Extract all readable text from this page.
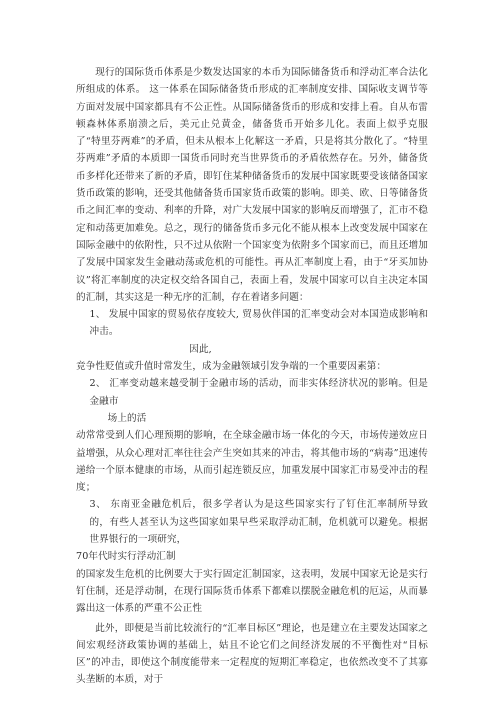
现行的国际货币体系是少数发达国家的本币为国际储备货币和浮动汇率合法化所组成的体系。 这一体系在国际储备货币形成的汇率制度安排、国际收支调节等方面对发展中国家都具有不公正性。从国际储备货币的形成和安排上看。自从布雷顿森林体系崩溃之后，美元止兑黄金，储备货币开始多儿化。表面上似乎克服了“特里芬两难”的矛盾，但未从根本上化解这一矛盾，只是将其分散化了。“特里芬两难”矛盾的本质即一国货币同时充当世界货币的矛盾依然存在。另外，储备货币多样化还带来了新的矛盾，即钉住某种储备货币的发展中国家既要受该储备国家货币政策的影响，还受其他储备货币国家货币政策的影响。即美、欧、日等储备货币之间汇率的变动、利率的升降，对广大发展中国家的影响反而增强了，汇市不稳定和动荡更加难免。总之，现行的储备货币多元化不能从根本上改变发展中国家在国际金融中的依附性，只不过从依附一个国家变为依附多个国家而已，而且还增加了发展中国家发生金融动荡或危机的可能性。再从汇率制度上看，由于“牙买加协议”将汇率制度的决定权交给各国自己，表面上看，发展中国家可以自主决定本国的汇制，其实这是一种无序的汇制，存在着诸多问题：

1、 发展中国家的贸易依存度较大, 贸易伙伴国的汇率变动会对本国造成影响和冲击。

因此,

竞争性贬值或升值时常发生，成为金融领域引发争端的一个重要因素第：

2、 汇率变动越来越受制于金融市场的活动，而非实体经济状况的影响。但是金融市

场上的活

动常常受到人们心理预期的影响，在全球金融市场一体化的今天，市场传递效应日益增强，从众心理对汇率往往会产生突如其来的冲击，将其他市场的“病毒”迅速传递给一个原本健康的市场，从而引起连锁反应，加重发展中国家汇市易受冲击的程度；

3、 东南亚金融危机后，很多学者认为是这些国家实行了钉住汇率制所导致的，有些人甚至认为这些国家如果早些采取浮动汇制，危机就可以避免。根据世界银行的一项研究，

70年代时实行浮动汇制

的国家发生危机的比例要大于实行固定汇制国家，这表明，发展中国家无论是实行钉住制，还是浮动制，在现行国际货币体系下都难以摆脱金融危机的厄运，从而暴露出这一体系的严重不公正性

此外，即便是当前比较流行的“汇率目标区”理论，也是建立在主要发达国家之间宏观经济政策协调的基础上，姑且不论它们之间经济发展的不平衡性对“目标区”的冲击，即使这个制度能带来一定程度的短期汇率稳定，也依然改变不了其寡头垄断的本质，对于
